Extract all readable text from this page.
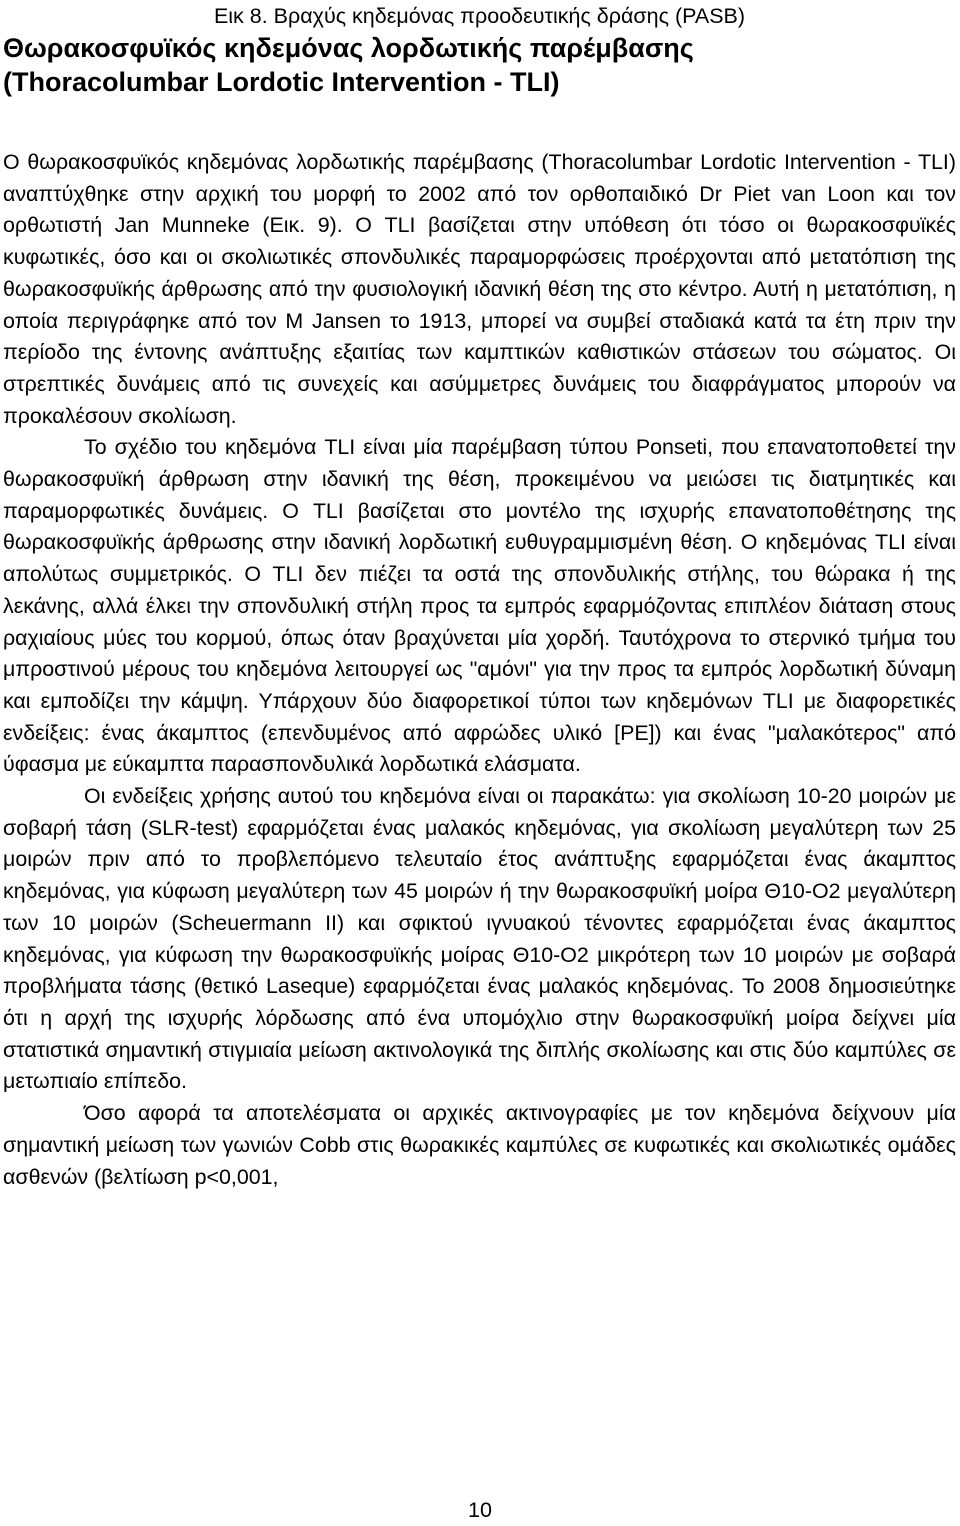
Εικ 8. Βραχύς κηδεμόνας προοδευτικής δράσης (PASB)

Θωρακοσφυϊκός κηδεμόνας λορδωτικής παρέμβασης
(Thoracolumbar Lordotic Intervention - TLI)

Ο θωρακοσφυϊκός κηδεμόνας λορδωτικής παρέμβασης (Thoracolumbar Lordotic Intervention - TLI) αναπτύχθηκε στην αρχική του μορφή το 2002 από τον ορθοπαιδικό Dr Piet van Loon και τον ορθωτιστή Jan Munneke (Εικ. 9). Ο TLI βασίζεται στην υπόθεση ότι τόσο οι θωρακοσφυϊκές κυφωτικές, όσο και οι σκολιωτικές σπονδυλικές παραμορφώσεις προέρχονται από μετατόπιση της θωρακοσφυϊκής άρθρωσης από την φυσιολογική ιδανική θέση της στο κέντρο. Αυτή η μετατόπιση, η οποία περιγράφηκε από τον M Jansen το 1913, μπορεί να συμβεί σταδιακά κατά τα έτη πριν την περίοδο της έντονης ανάπτυξης εξαιτίας των καμπτικών καθιστικών στάσεων του σώματος. Οι στρεπτικές δυνάμεις από τις συνεχείς και ασύμμετρες δυνάμεις του διαφράγματος μπορούν να προκαλέσουν σκολίωση.

Το σχέδιο του κηδεμόνα TLI είναι μία παρέμβαση τύπου Ponseti, που επανατοποθετεί την θωρακοσφυϊκή άρθρωση στην ιδανική της θέση, προκειμένου να μειώσει τις διατμητικές και παραμορφωτικές δυνάμεις. Ο TLI βασίζεται στο μοντέλο της ισχυρής επανατοποθέτησης της θωρακοσφυϊκής άρθρωσης στην ιδανική λορδωτική ευθυγραμμισμένη θέση. Ο κηδεμόνας TLI είναι απολύτως συμμετρικός. Ο TLI δεν πιέζει τα οστά της σπονδυλικής στήλης, του θώρακα ή της λεκάνης, αλλά έλκει την σπονδυλική στήλη προς τα εμπρός εφαρμόζοντας επιπλέον διάταση στους ραχιαίους μύες του κορμού, όπως όταν βραχύνεται μία χορδή. Ταυτόχρονα το στερνικό τμήμα του μπροστινού μέρους του κηδεμόνα λειτουργεί ως "αμόνι" για την προς τα εμπρός λορδωτική δύναμη και εμποδίζει την κάμψη. Υπάρχουν δύο διαφορετικοί τύποι των κηδεμόνων TLI με διαφορετικές ενδείξεις: ένας άκαμπτος (επενδυμένος από αφρώδες υλικό [PE]) και ένας "μαλακότερος" από ύφασμα με εύκαμπτα παρασπονδυλικά λορδωτικά ελάσματα.

Οι ενδείξεις χρήσης αυτού του κηδεμόνα είναι οι παρακάτω: για σκολίωση 10-20 μοιρών με σοβαρή τάση (SLR-test) εφαρμόζεται ένας μαλακός κηδεμόνας, για σκολίωση μεγαλύτερη των 25 μοιρών πριν από το προβλεπόμενο τελευταίο έτος ανάπτυξης εφαρμόζεται ένας άκαμπτος κηδεμόνας, για κύφωση μεγαλύτερη των 45 μοιρών ή την θωρακοσφυϊκή μοίρα Θ10-Ο2 μεγαλύτερη των 10 μοιρών (Scheuermann II) και σφικτού ιγνυακού τένοντες εφαρμόζεται ένας άκαμπτος κηδεμόνας, για κύφωση την θωρακοσφυϊκής μοίρας Θ10-Ο2 μικρότερη των 10 μοιρών με σοβαρά προβλήματα τάσης (θετικό Laseque) εφαρμόζεται ένας μαλακός κηδεμόνας. Το 2008 δημοσιεύτηκε ότι η αρχή της ισχυρής λόρδωσης από ένα υπομόχλιο στην θωρακοσφυϊκή μοίρα δείχνει μία στατιστικά σημαντική στιγμιαία μείωση ακτινολογικά της διπλής σκολίωσης και στις δύο καμπύλες σε μετωπιαίο επίπεδο.

Όσο αφορά τα αποτελέσματα οι αρχικές ακτινογραφίες με τον κηδεμόνα δείχνουν μία σημαντική μείωση των γωνιών Cobb στις θωρακικές καμπύλες σε κυφωτικές και σκολιωτικές ομάδες ασθενών (βελτίωση p<0,001,

10
